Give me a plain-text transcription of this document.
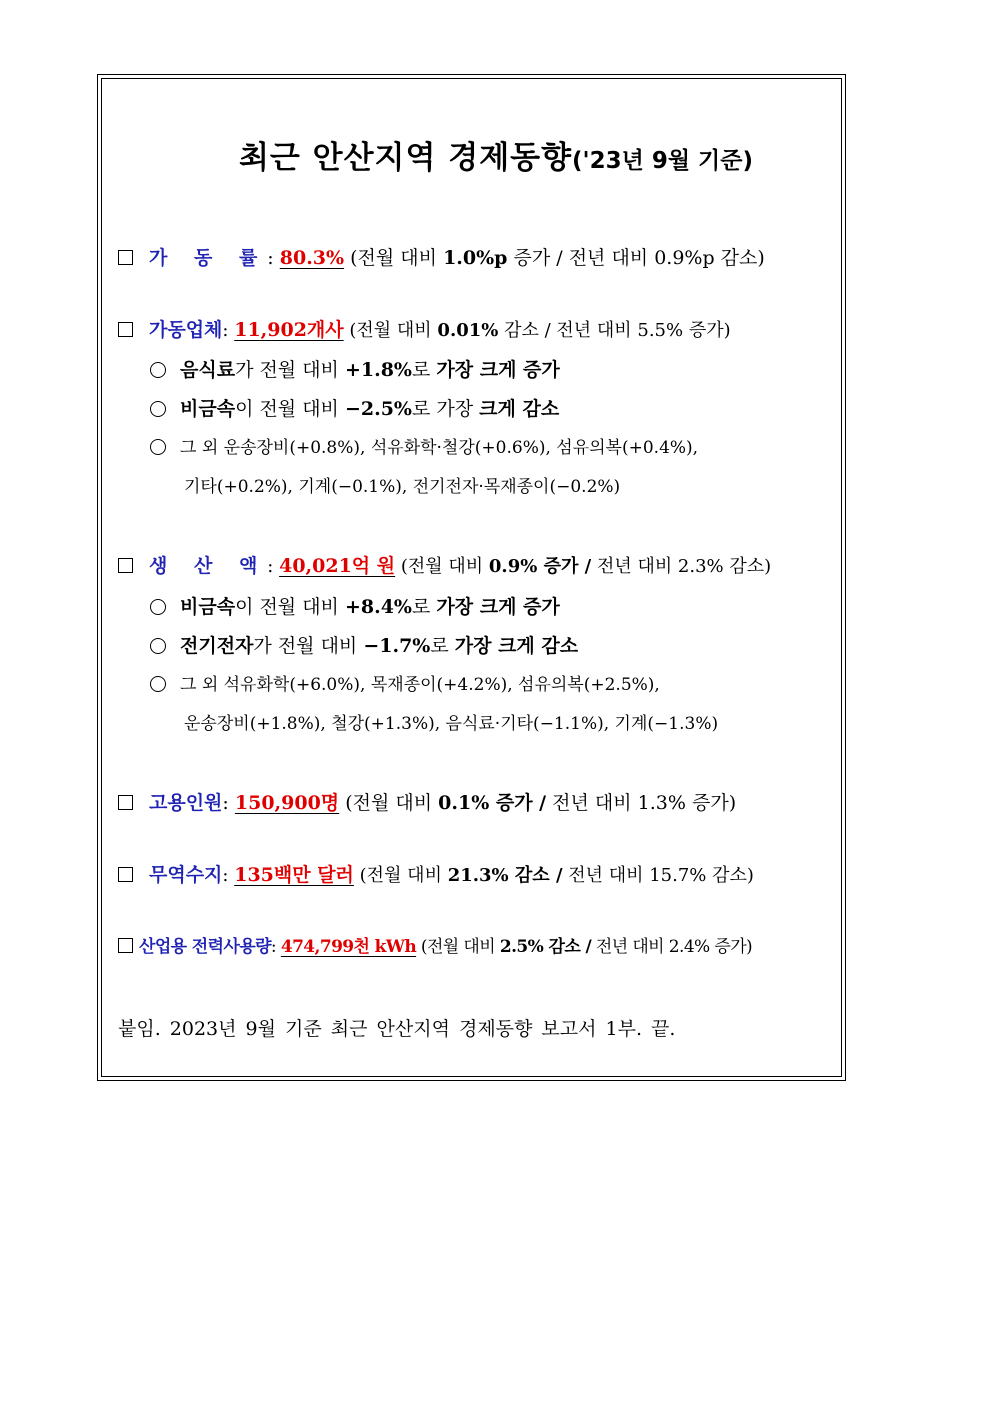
최근 안산지역 경제동향('23년 9월 기준)
가 동 률: 80.3% (전월 대비 1.0%p 증가 / 전년 대비 0.9%p 감소)
가동업체: 11,902개사 (전월 대비 0.01% 감소 / 전년 대비 5.5% 증가)
음식료가 전월 대비 +1.8%로 가장 크게 증가
비금속이 전월 대비 −2.5%로 가장 크게 감소
그 외 운송장비(+0.8%), 석유화학·철강(+0.6%), 섬유의복(+0.4%),
기타(+0.2%), 기계(−0.1%), 전기전자·목재종이(−0.2%)
생 산 액: 40,021억 원 (전월 대비 0.9% 증가 / 전년 대비 2.3% 감소)
비금속이 전월 대비 +8.4%로 가장 크게 증가
전기전자가 전월 대비 −1.7%로 가장 크게 감소
그 외 석유화학(+6.0%), 목재종이(+4.2%), 섬유의복(+2.5%),
운송장비(+1.8%), 철강(+1.3%), 음식료·기타(−1.1%), 기계(−1.3%)
고용인원: 150,900명 (전월 대비 0.1% 증가 / 전년 대비 1.3% 증가)
무역수지: 135백만 달러 (전월 대비 21.3% 감소 / 전년 대비 15.7% 감소)
산업용 전력사용량: 474,799천 kWh (전월 대비 2.5% 감소 / 전년 대비 2.4% 증가)
붙임. 2023년 9월 기준 최근 안산지역 경제동향 보고서 1부. 끝.
